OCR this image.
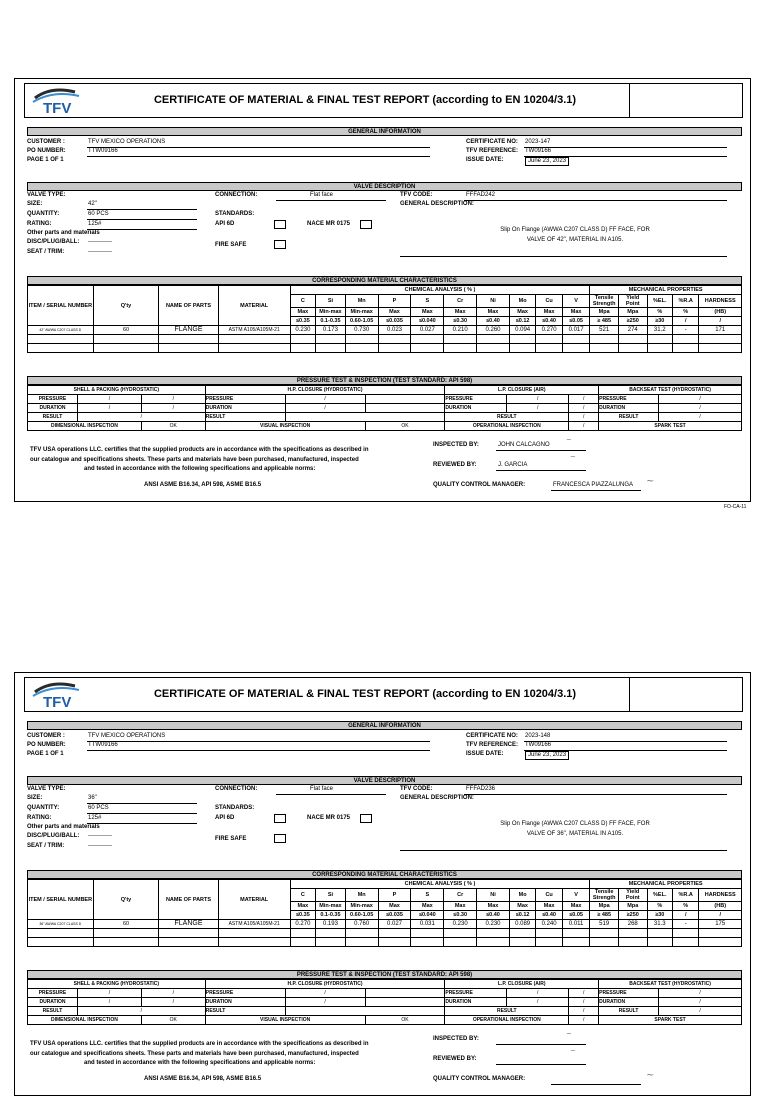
TFV	CERTIFICATE OF MATERIAL & FINAL TEST REPORT (according to EN 10204/3.1)
GENERAL INFORMATION
CUSTOMER :	TFV MEXICO OPERATIONS
PO NUMBER:	TTW09166
PAGE 1 OF 1
CERTIFICATE NO: 2023-147
TFV REFERENCE: TW09166
ISSUE DATE:	June 23, 2023
VALVE DESCRIPTION
VALVE TYPE:
SIZE:	42"
QUANTITY:	60 PCS
RATING:	125#
Other parts and materials
DISC/PLUG/BALL: ------------
SEAT / TRIM:	------------
CONNECTION:	Flat face
STANDARDS:
API 6D	NACE MR 0175
FIRE SAFE
TFV CODE:	FFFAD242
GENERAL DESCRIPTION:
Slip On Flange (AWWA C207 CLASS D) FF FACE, FOR
VALVE OF 42", MATERIAL IN A105.
CORRESPONDING MATERIAL CHARACTERISTICS
ITEM / SERIAL NUMBER	Q'ty	NAME OF PARTS	MATERIAL	CHEMICAL ANALYSIS ( % )										MECHANICAL PROPERTIES				
				C	Si	Mn	P	S	Cr	Ni	Mo	Cu	V	Tensile Strength	Yield Point	%EL.	%R.A	HARDNESS
				Max	Min-max	Min-max	Max	Max	Max	Max	Max	Max	Max	Mpa	Mpa	%	%	(HB)
				≤0.35	0.1-0.35	0.60-1.05	≤0.035	≤0.040	≤0.30	≤0.40	≤0.12	≤0.40	≤0.05	≥ 485	≥250	≥30	/	/
42" AWWA C207 CLASS D	60	FLANGE	ASTM A105/A105M-21	0.230	0.173	0.730	0.023	0.027	0.210	0.260	0.094	0.270	0.017	521	274	31.2	-	171

PRESSURE TEST & INSPECTION (TEST STANDARD: API 598)
SHELL & PACKING (HYDROSTATIC)			H.P. CLOSURE (HYDROSTATIC)			L.P. CLOSURE (AIR)			BACKSEAT TEST (HYDROSTATIC)	
PRESSURE	/	/	PRESSURE	/		PRESSURE	/	/	PRESSURE	/
DURATION	/	/	DURATION	/		DURATION	/	/	DURATION	/
RESULT	/		RESULT			RESULT		/	RESULT	/
DIMENSIONAL INSPECTION		OK	VISUAL INSPECTION		OK	OPERATIONAL INSPECTION		/	SPARK TEST	
TFV USA operations LLC. certifies that the supplied products are in accordance with the specifications as described in
our catalogue and specifications sheets. These parts and materials have been purchased, manufactured, inspected
and tested in accordance with the following specifications and applicable norms:
ANSI ASME B16.34, API 598, ASME B16.5
INSPECTED BY:	JOHN CALCAGNO
~
REVIEWED BY:	J. GARCIA
~
QUALITY CONTROL MANAGER:	FRANCESCA PIAZZALUNGA ~
FO-CA-11
TFV	CERTIFICATE OF MATERIAL & FINAL TEST REPORT (according to EN 10204/3.1)
GENERAL INFORMATION
CUSTOMER :	TFV MEXICO OPERATIONS
PO NUMBER:	TTW09166
PAGE 1 OF 1
CERTIFICATE NO: 2023-148
TFV REFERENCE: TW09166
ISSUE DATE:	June 23, 2023
VALVE DESCRIPTION
VALVE TYPE:
SIZE:	36"
QUANTITY:	60 PCS
RATING:	125#
Other parts and materials
DISC/PLUG/BALL: ------------
SEAT / TRIM:	------------
CONNECTION:	Flat face
STANDARDS:
API 6D	NACE MR 0175
FIRE SAFE
TFV CODE:	FFFAD236
GENERAL DESCRIPTION:
Slip On Flange (AWWA C207 CLASS D) FF FACE, FOR
VALVE OF 36", MATERIAL IN A105.
CORRESPONDING MATERIAL CHARACTERISTICS
ITEM / SERIAL NUMBER	Q'ty	NAME OF PARTS	MATERIAL	CHEMICAL ANALYSIS ( % )										MECHANICAL PROPERTIES				
				C	Si	Mn	P	S	Cr	Ni	Mo	Cu	V	Tensile Strength	Yield Point	%EL.	%R.A	HARDNESS
				Max	Min-max	Min-max	Max	Max	Max	Max	Max	Max	Max	Mpa	Mpa	%	%	(HB)
				≤0.35	0.1-0.35	0.60-1.05	≤0.035	≤0.040	≤0.30	≤0.40	≤0.12	≤0.40	≤0.05	≥ 485	≥250	≥30	/	/
36" AWWA C207 CLASS D	60	FLANGE	ASTM A105/A105M-21	0.270	0.193	0.760	0.027	0.031	0.230	0.230	0.089	0.240	0.011	519	268	31.3	-	175

PRESSURE TEST & INSPECTION (TEST STANDARD: API 598)
SHELL & PACKING (HYDROSTATIC)			H.P. CLOSURE (HYDROSTATIC)			L.P. CLOSURE (AIR)			BACKSEAT TEST (HYDROSTATIC)	
PRESSURE	/	/	PRESSURE	/		PRESSURE	/	/	PRESSURE	/
DURATION	/	/	DURATION	/		DURATION	/	/	DURATION	/
RESULT	/		RESULT			RESULT		/	RESULT	/
DIMENSIONAL INSPECTION		OK	VISUAL INSPECTION		OK	OPERATIONAL INSPECTION		/	SPARK TEST	
TFV USA operations LLC. certifies that the supplied products are in accordance with the specifications as described in
our catalogue and specifications sheets. These parts and materials have been purchased, manufactured, inspected
and tested in accordance with the following specifications and applicable norms:
ANSI ASME B16.34, API 598, ASME B16.5
INSPECTED BY:
~
REVIEWED BY:
~
QUALITY CONTROL MANAGER:	~
